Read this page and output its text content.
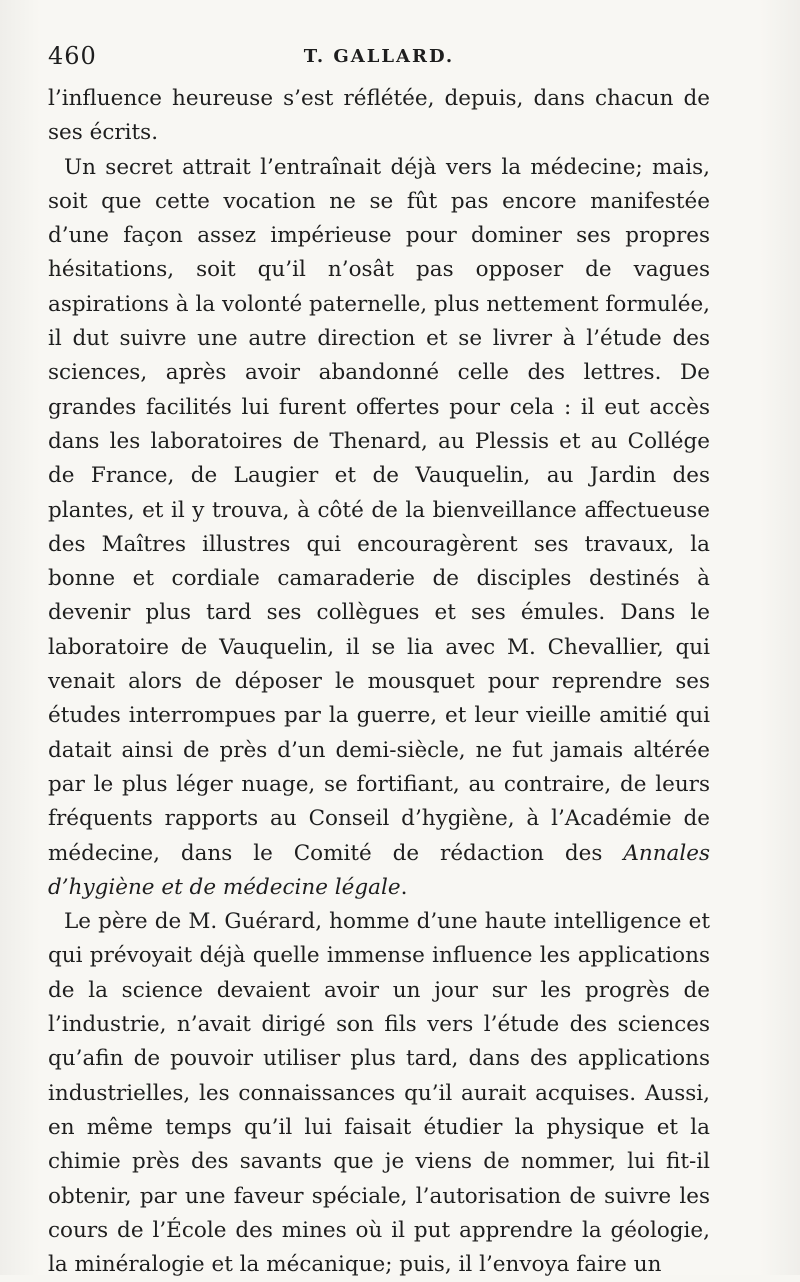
460	T. GALLARD.

l’influence heureuse s’est réflétée, depuis, dans chacun de ses écrits.

Un secret attrait l’entraînait déjà vers la médecine; mais, soit que cette vocation ne se fût pas encore manifestée d’une façon assez impérieuse pour dominer ses propres hésitations, soit qu’il n’osât pas opposer de vagues aspirations à la volonté paternelle, plus nettement formulée, il dut suivre une autre direction et se livrer à l’étude des sciences, après avoir abandonné celle des lettres. De grandes facilités lui furent offertes pour cela : il eut accès dans les laboratoires de Thenard, au Plessis et au Collége de France, de Laugier et de Vauquelin, au Jardin des plantes, et il y trouva, à côté de la bienveillance affectueuse des Maîtres illustres qui encouragèrent ses travaux, la bonne et cordiale camaraderie de disciples destinés à devenir plus tard ses collègues et ses émules. Dans le laboratoire de Vauquelin, il se lia avec M. Chevallier, qui venait alors de déposer le mousquet pour reprendre ses études interrompues par la guerre, et leur vieille amitié qui datait ainsi de près d’un demi-siècle, ne fut jamais altérée par le plus léger nuage, se fortifiant, au contraire, de leurs fréquents rapports au Conseil d’hygiène, à l’Académie de médecine, dans le Comité de rédaction des Annales d’hygiène et de médecine légale.

Le père de M. Guérard, homme d’une haute intelligence et qui prévoyait déjà quelle immense influence les applications de la science devaient avoir un jour sur les progrès de l’industrie, n’avait dirigé son fils vers l’étude des sciences qu’afin de pouvoir utiliser plus tard, dans des applications industrielles, les connaissances qu’il aurait acquises. Aussi, en même temps qu’il lui faisait étudier la physique et la chimie près des savants que je viens de nommer, lui fit-il obtenir, par une faveur spéciale, l’autorisation de suivre les cours de l’École des mines où il put apprendre la géologie, la minéralogie et la mécanique; puis, il l’envoya faire un
